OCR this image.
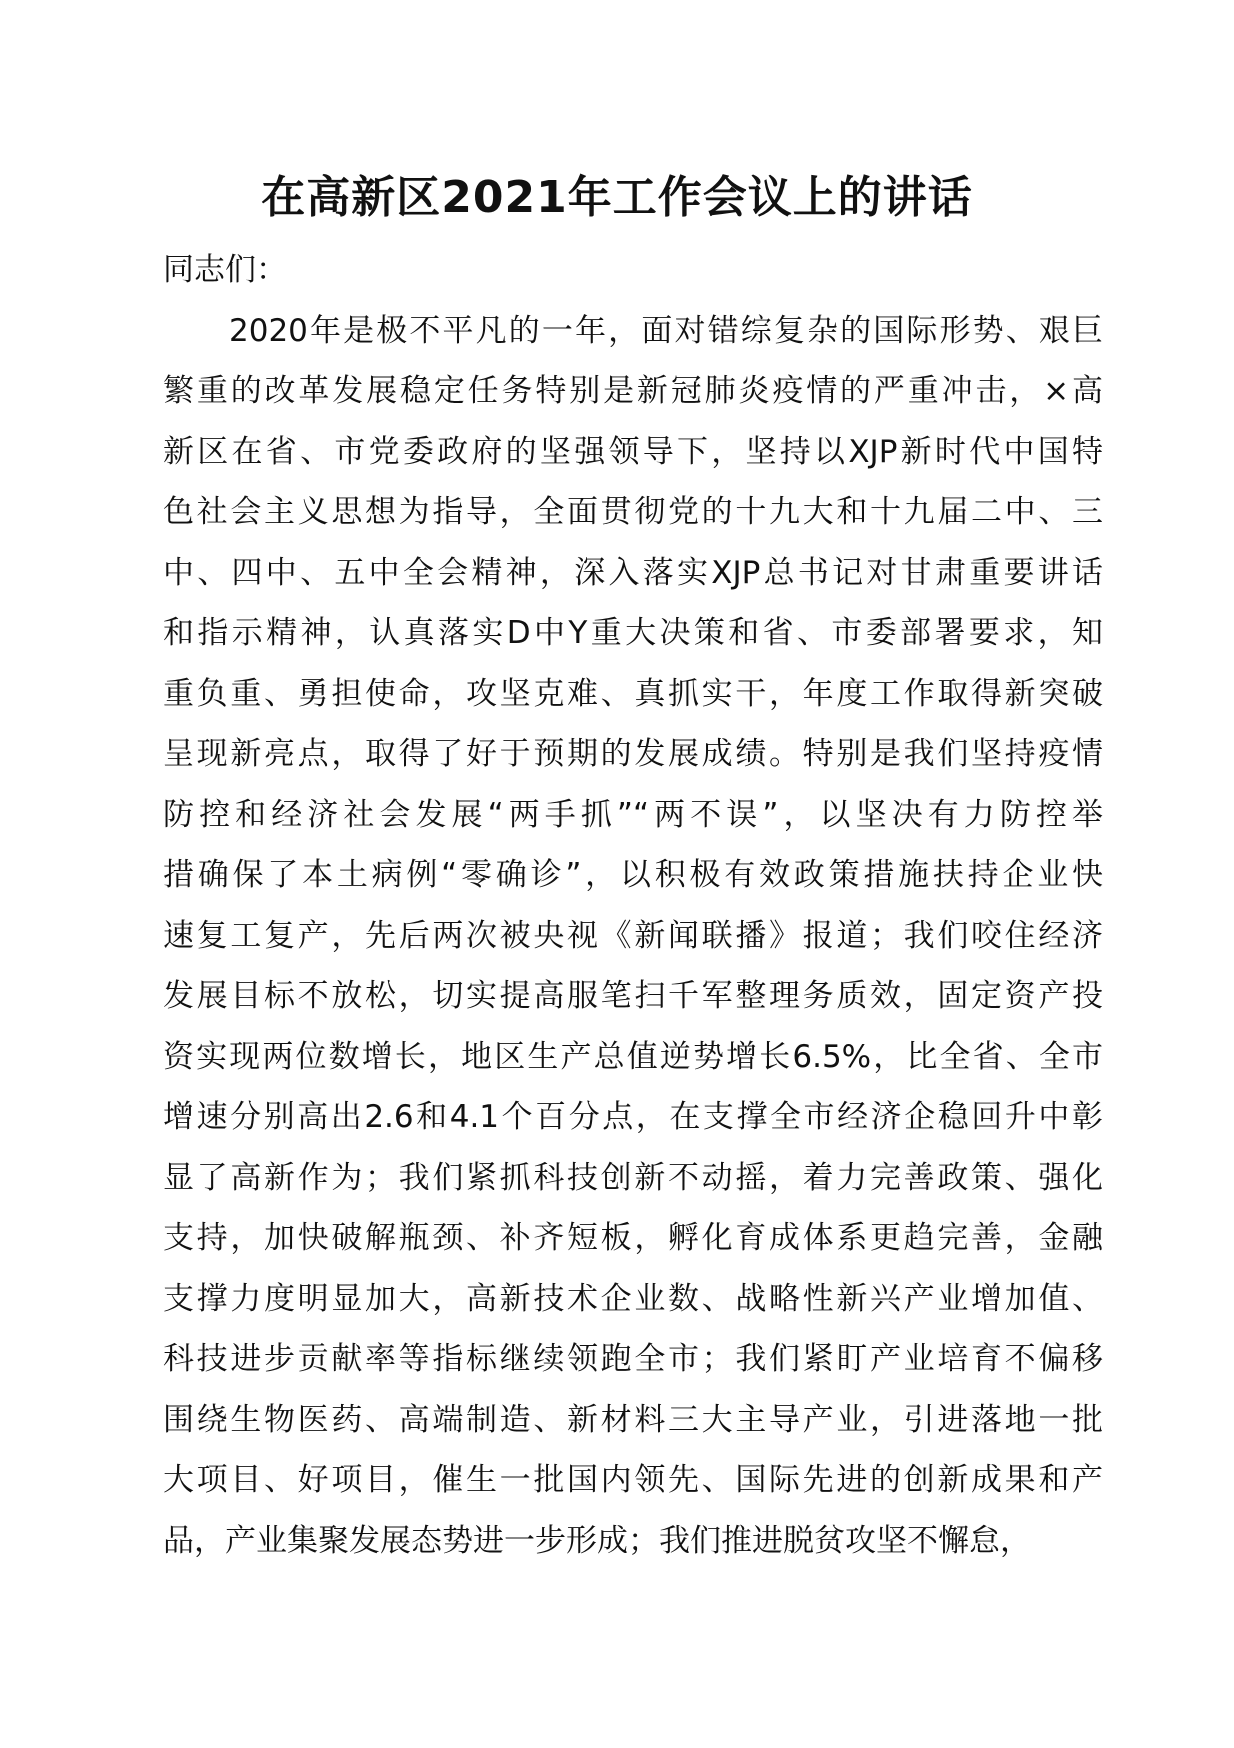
在高新区2021年工作会议上的讲话
同志们：
2020年是极不平凡的一年，面对错综复杂的国际形势、艰巨
繁重的改革发展稳定任务特别是新冠肺炎疫情的严重冲击，×高
新区在省、市党委政府的坚强领导下，坚持以XJP新时代中国特
色社会主义思想为指导，全面贯彻党的十九大和十九届二中、三
中、四中、五中全会精神，深入落实XJP总书记对甘肃重要讲话
和指示精神，认真落实D中Y重大决策和省、市委部署要求，知
重负重、勇担使命，攻坚克难、真抓实干，年度工作取得新突破
呈现新亮点，取得了好于预期的发展成绩。特别是我们坚持疫情
防控和经济社会发展“两手抓”“两不误”，以坚决有力防控举
措确保了本土病例“零确诊”，以积极有效政策措施扶持企业快
速复工复产，先后两次被央视《新闻联播》报道；我们咬住经济
发展目标不放松，切实提高服笔扫千军整理务质效，固定资产投
资实现两位数增长，地区生产总值逆势增长6.5%，比全省、全市
增速分别高出2.6和4.1个百分点，在支撑全市经济企稳回升中彰
显了高新作为；我们紧抓科技创新不动摇，着力完善政策、强化
支持，加快破解瓶颈、补齐短板，孵化育成体系更趋完善，金融
支撑力度明显加大，高新技术企业数、战略性新兴产业增加值、
科技进步贡献率等指标继续领跑全市；我们紧盯产业培育不偏移
围绕生物医药、高端制造、新材料三大主导产业，引进落地一批
大项目、好项目，催生一批国内领先、国际先进的创新成果和产
品，产业集聚发展态势进一步形成；我们推进脱贫攻坚不懈怠，
